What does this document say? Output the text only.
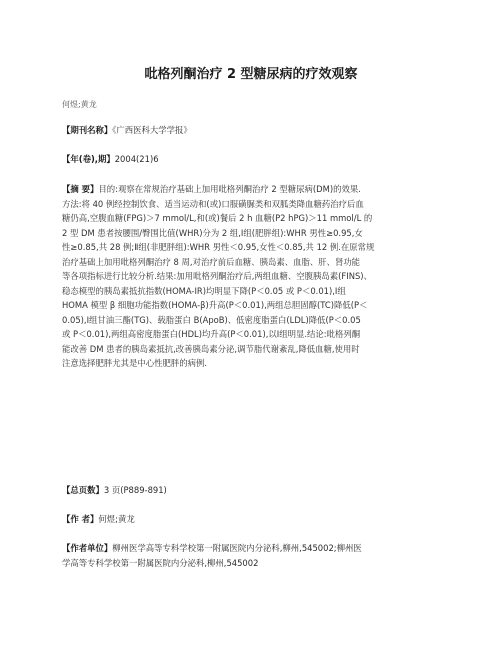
吡格列酮治疗 2 型糖尿病的疗效观察
何煜;黄龙
【期刊名称】《广西医科大学学报》
【年(卷),期】2004(21)6
【摘 要】目的:观察在常规治疗基础上加用吡格列酮治疗 2 型糖尿病(DM)的效果.
方法:将 40 例经控制饮食、适当运动和(或)口服磺脲类和双胍类降血糖药治疗后血
糖仍高,空腹血糖(FPG)＞7 mmol/L,和(或)餐后 2 h 血糖(P2 hPG)＞11 mmol/L 的
2 型 DM 患者按腰围/臀围比值(WHR)分为 2 组,Ⅰ组(肥胖组):WHR 男性≥0.95,女
性≥0.85,共 28 例;Ⅱ组(非肥胖组):WHR 男性＜0.95,女性＜0.85,共 12 例.在原常规
治疗基础上加用吡格列酮治疗 8 周,对治疗前后血糖、胰岛素、血脂、肝、肾功能
等各项指标进行比较分析.结果:加用吡格列酮治疗后,两组血糖、空腹胰岛素(FINS)、
稳态模型的胰岛素抵抗指数(HOMA-IR)均明显下降(P＜0.05 或 P＜0.01),Ⅰ组
HOMA 模型 β 细胞功能指数(HOMA-β)升高(P＜0.01),两组总胆固醇(TC)降低(P＜
0.05),Ⅰ组甘油三酯(TG)、载脂蛋白 B(ApoB)、低密度脂蛋白(LDL)降低(P＜0.05
或 P＜0.01),两组高密度脂蛋白(HDL)均升高(P＜0.01),以Ⅰ组明显.结论:吡格列酮
能改善 DM 患者的胰岛素抵抗,改善胰岛素分泌,调节脂代谢紊乱,降低血糖,使用时
注意选择肥胖尤其是中心性肥胖的病例.
【总页数】3 页(P889-891)
【作 者】何煜;黄龙
【作者单位】柳州医学高等专科学校第一附属医院内分泌科,柳州,545002;柳州医
学高等专科学校第一附属医院内分泌科,柳州,545002
